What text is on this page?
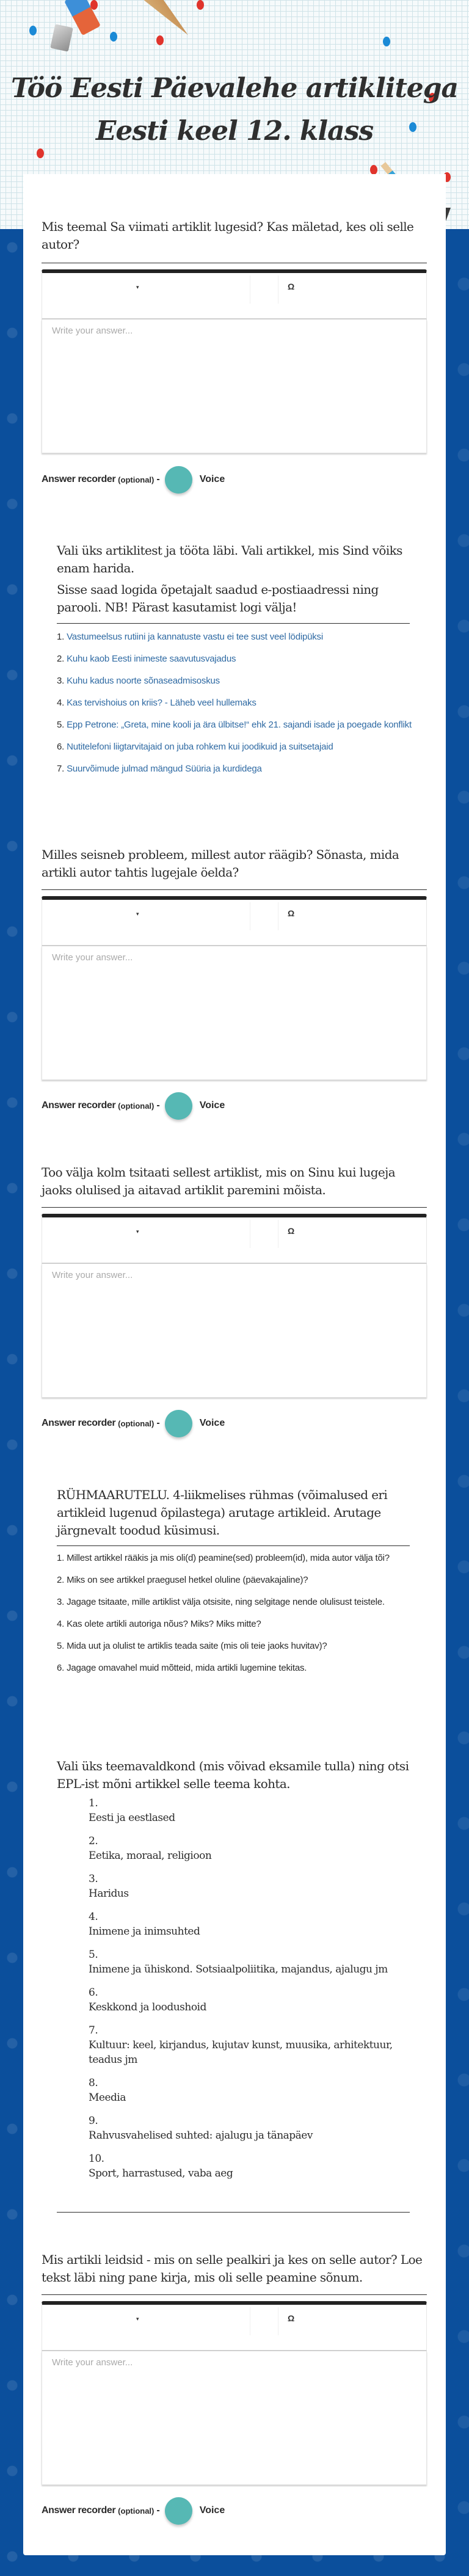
Töö Eesti Päevalehe artiklitega
Eesti keel 12. klass
Mis teemal Sa viimati artiklit lugesid? Kas mäletad, kes oli selle autor?
▾	Ω
Write your answer...
Answer recorder (optional) -	Voice

Vali üks artiklitest ja tööta läbi. Vali artikkel, mis Sind võiks enam harida.

Sisse saad logida õpetajalt saadud e-postiaadressi ning parooli. NB! Pärast kasutamist logi välja!

1. Vastumeelsus rutiini ja kannatuste vastu ei tee sust veel lödipüksi
2. Kuhu kaob Eesti inimeste saavutusvajadus
3. Kuhu kadus noorte sõnaseadmisoskus
4. Kas tervishoius on kriis? - Läheb veel hullemaks
5. Epp Petrone: „Greta, mine kooli ja ära ülbitse!“ ehk 21. sajandi isade ja poegade konflikt
6. Nutitelefoni liigtarvitajaid on juba rohkem kui joodikuid ja suitsetajaid
7. Suurvõimude julmad mängud Süüria ja kurdidega
Milles seisneb probleem, millest autor räägib? Sõnasta, mida artikli autor tahtis lugejale öelda?
▾	Ω
Write your answer...
Answer recorder (optional) -	Voice
Too välja kolm tsitaati sellest artiklist, mis on Sinu kui lugeja jaoks olulised ja aitavad artiklit paremini mõista.
▾	Ω
Write your answer...
Answer recorder (optional) -	Voice
RÜHMAARUTELU. 4-liikmelises rühmas (võimalused eri artikleid lugenud õpilastega) arutage artikleid. Arutage järgnevalt toodud küsimusi.
1. Millest artikkel rääkis ja mis oli(d) peamine(sed) probleem(id), mida autor välja tõi?
2. Miks on see artikkel praegusel hetkel oluline (päevakajaline)?
3. Jagage tsitaate, mille artiklist välja otsisite, ning selgitage nende olulisust teistele.
4. Kas olete artikli autoriga nõus? Miks? Miks mitte?
5. Mida uut ja olulist te artiklis teada saite (mis oli teie jaoks huvitav)?
6. Jagage omavahel muid mõtteid, mida artikli lugemine tekitas.
Vali üks teemavaldkond (mis võivad eksamile tulla) ning otsi EPL-ist mõni artikkel selle teema kohta.
1.
Eesti ja eestlased
2.
Eetika, moraal, religioon
3.
Haridus
4.
Inimene ja inimsuhted
5.
Inimene ja ühiskond. Sotsiaalpoliitika, majandus, ajalugu jm
6.
Keskkond ja loodushoid
7.
Kultuur: keel, kirjandus, kujutav kunst, muusika, arhitektuur, teadus jm
8.
Meedia
9.
Rahvusvahelised suhted: ajalugu ja tänapäev
10.
Sport, harrastused, vaba aeg
Mis artikli leidsid - mis on selle pealkiri ja kes on selle autor? Loe tekst läbi ning pane kirja, mis oli selle peamine sõnum.
▾	Ω
Write your answer...
Answer recorder (optional) -	Voice
